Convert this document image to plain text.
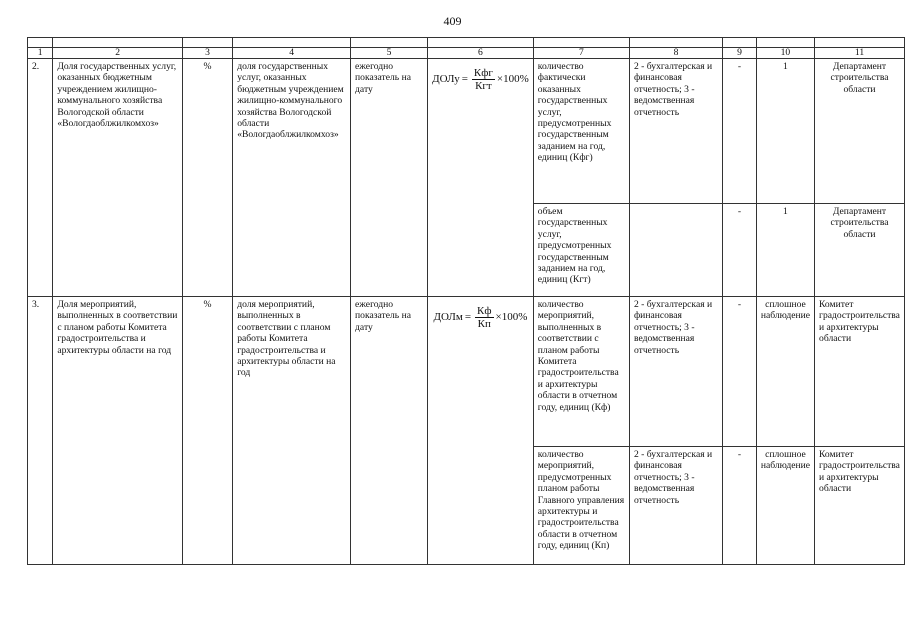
409

1	2	3	4	5	6	7	8	9	10	11
2.	Доля государственных услуг, оказанных бюджетным учреждением жилищно-коммунального хозяйства Вологодской области «Вологдаоблжилкомхоз»	%	доля государственных услуг, оказанных бюджетным учреждением жилищно-коммунального хозяйства Вологодской области «Вологдаоблжилкомхоз»	ежегодно показатель на дату	ДОЛу = $\frac{\text{Кфг}}{\text{Кгт}} \times 100\%$	количество фактически оказанных государственных услуг, предусмотренных государственным заданием на год, единиц (Кфг)	2 - бухгалтерская и финансовая отчетность; 3 - ведомственная отчетность	-	1	Департамент строительства области
						объем государственных услуг, предусмотренных государственным заданием на год, единиц (Кгт)		-	1	Департамент строительства области
3.	Доля мероприятий, выполненных в соответствии с планом работы Комитета градостроительства и архитектуры области на год	%	доля мероприятий, выполненных в соответствии с планом работы Комитета градостроительства и архитектуры области на год	ежегодно показатель на дату	ДОЛм = $\frac{Кф}{Кп} \times 100\%$	количество мероприятий, выполненных в соответствии с планом работы Комитета градостроительства и архитектуры области в отчетном году, единиц (Кф)	2 - бухгалтерская и финансовая отчетность; 3 - ведомственная отчетность	-	сплошное наблюдение	Комитет градостроительства и архитектуры области
						количество мероприятий, предусмотренных планом работы Главного управления архитектуры и градостроительства области в отчетном году, единиц (Кп)	2 - бухгалтерская и финансовая отчетность; 3 - ведомственная отчетность	-	сплошное наблюдение	Комитет градостроительства и архитектуры области
